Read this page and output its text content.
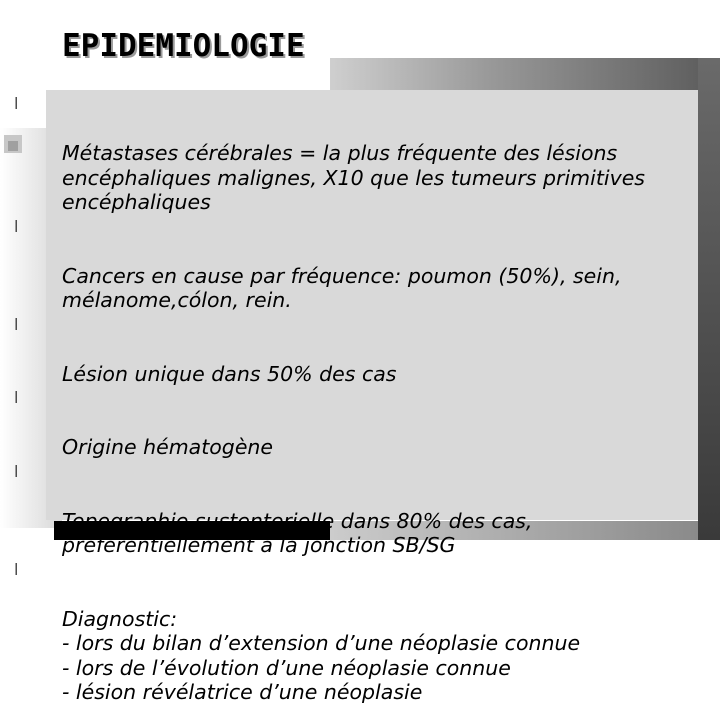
EPIDEMIOLOGIE

l

Métastases cérébrales = la plus fréquente des lésions
encéphaliques malignes, X10 que les tumeurs primitives
encéphaliques

l

Cancers en cause par fréquence: poumon (50%), sein,
mélanome,cólon, rein.

l

Lésion unique dans 50% des cas

l

Origine hématogène

l

Topographie sustentorielle dans 80% des cas,
préférentiellement à la jonction SB/SG

l

Diagnostic:
- lors du bilan d’extension d’une néoplasie connue
- lors de l’évolution d’une néoplasie connue
- lésion révélatrice d’une néoplasie
